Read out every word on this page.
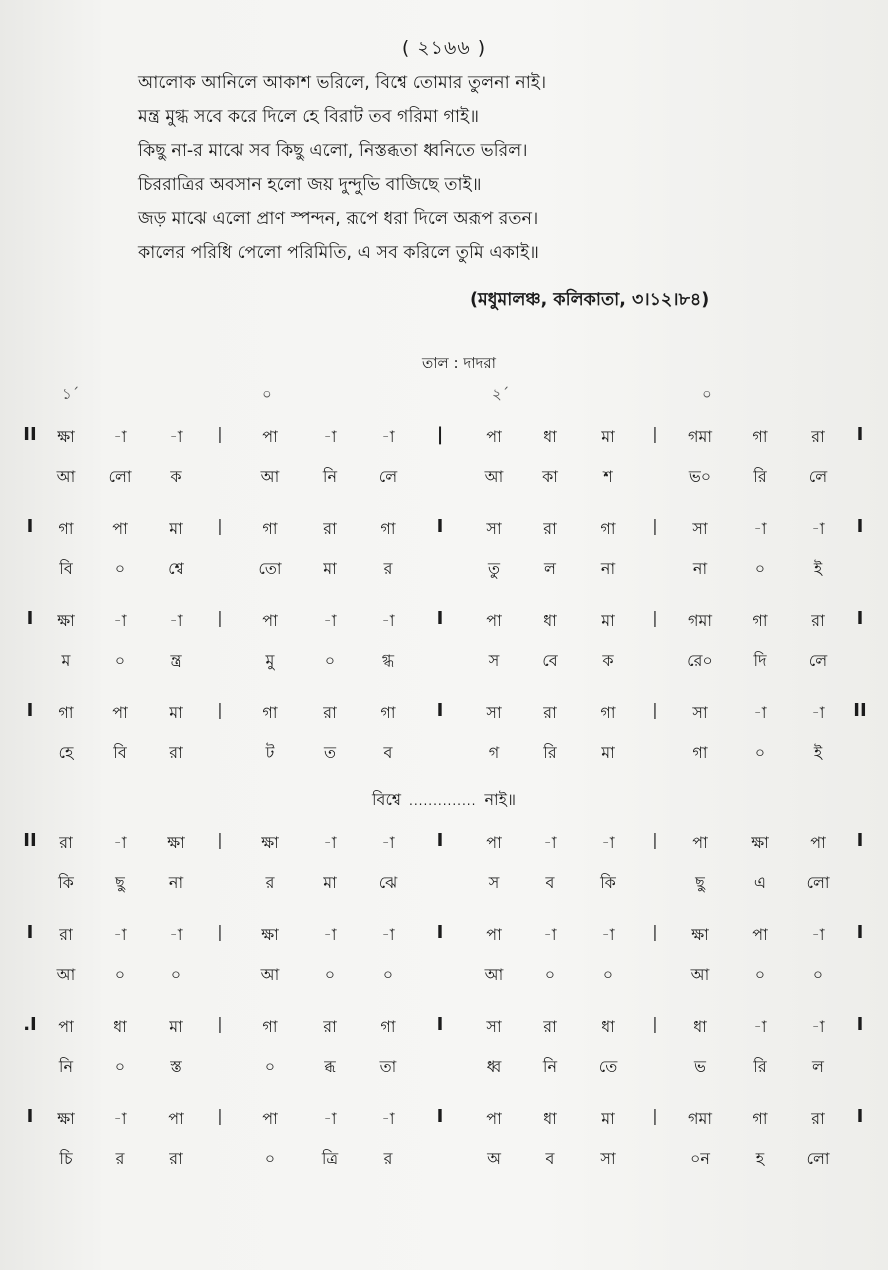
( ২১৬৬ )
আলোক আনিলে আকাশ ভরিলে, বিশ্বে তোমার তুলনা নাই।
মন্ত্র মুগ্ধ সবে করে দিলে হে বিরাট তব গরিমা গাই॥
কিছু না-র মাঝে সব কিছু এলো, নিস্তব্ধতা ধ্বনিতে ভরিল।
চিররাত্রির অবসান হলো জয় দুন্দুভি বাজিছে তাই॥
জড় মাঝে এলো প্রাণ স্পন্দন, রূপে ধরা দিলে অরূপ রতন।
কালের পরিধি পেলো পরিমিতি, এ সব করিলে তুমি একাই॥
(মধুমালঞ্চ, কলিকাতা, ৩।১২।৮৪)
তাল : দাদরা
১´	০	২´	০
II	|	|	|	I
ক্ষা	-া	-া	পা	-া	-া	পা	ধা	মা	গমা	গা	রা
আ	লো	ক	আ	নি	লে	আ	কা	শ	ভ০	রি	লে
I	|	I	|	I
গা	পা	মা	গা	রা	গা	সা	রা	গা	সা	-া	-া
বি	০	শ্বে	তো	মা	র	তু	ল	না	না	০	ই
I	|	I	|	I
ক্ষা	-া	-া	পা	-া	-া	পা	ধা	মা	গমা	গা	রা
ম	০	ন্ত্র	মু	০	গ্ধ	স	বে	ক	রে০	দি	লে
I	|	I	|	II
গা	পা	মা	গা	রা	গা	সা	রা	গা	সা	-া	-া
হে	বি	রা	ট	ত	ব	গ	রি	মা	গা	০	ই
বিশ্বে .............. নাই॥
II	|	I	|	I
রা	-া	ক্ষা	ক্ষা	-া	-া	পা	-া	-া	পা	ক্ষা	পা
কি	ছু	না	র	মা	ঝে	স	ব	কি	ছু	এ	লো
I	|	I	|	I
রা	-া	-া	ক্ষা	-া	-া	পা	-া	-া	ক্ষা	পা	-া
আ	০	০	আ	০	০	আ	০	০	আ	০	০
.I	|	I	|	I
পা	ধা	মা	গা	রা	গা	সা	রা	ধা	ধা	-া	-া
নি	০	স্ত	০	ব্ধ	তা	ধ্ব	নি	তে	ভ	রি	ল
I	|	I	|	I
ক্ষা	-া	পা	পা	-া	-া	পা	ধা	মা	গমা	গা	রা
চি	র	রা	০	ত্রি	র	অ	ব	সা	০ন	হ	লো
